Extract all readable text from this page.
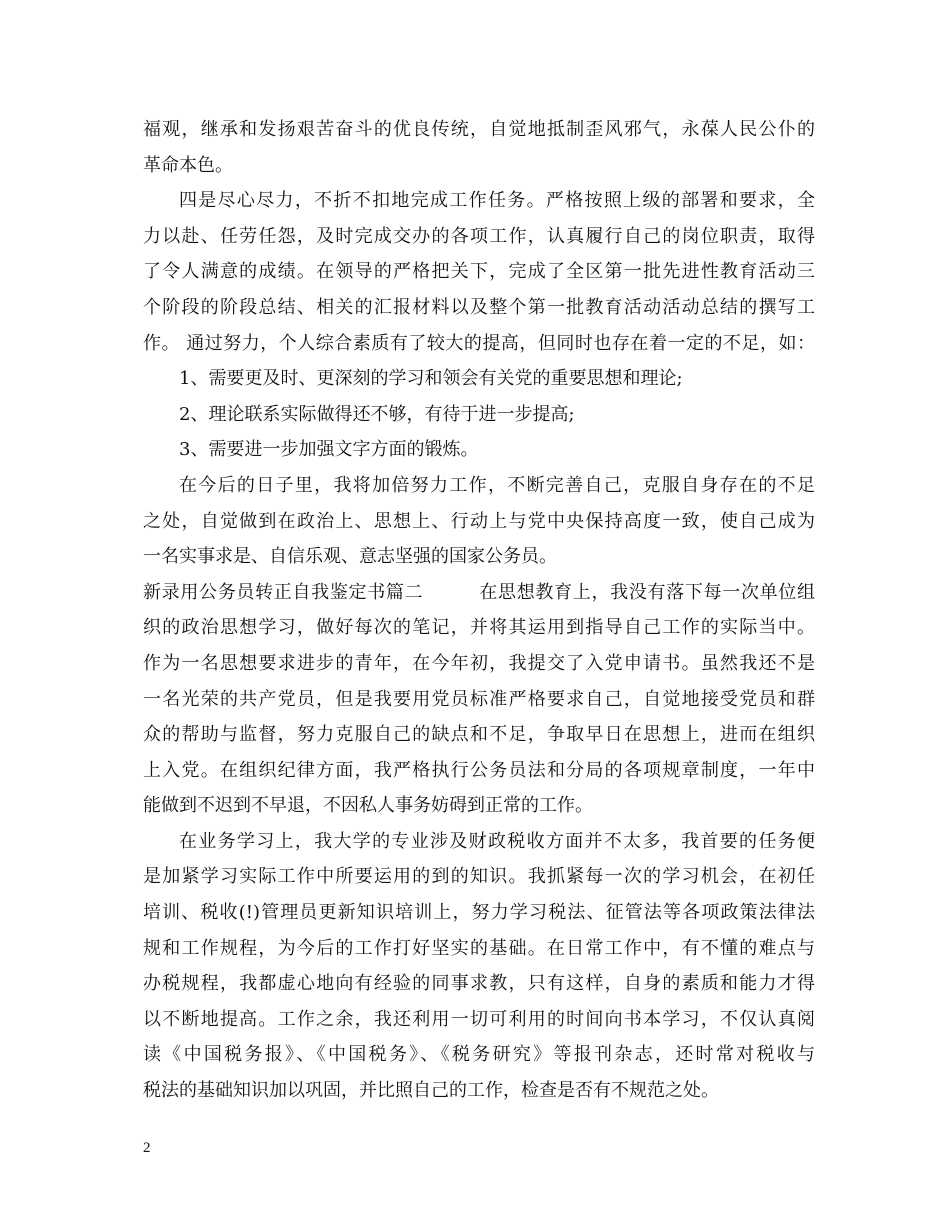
福观，继承和发扬艰苦奋斗的优良传统，自觉地抵制歪风邪气，永葆人民公仆的
革命本色。
四是尽心尽力，不折不扣地完成工作任务。严格按照上级的部署和要求，全
力以赴、任劳任怨，及时完成交办的各项工作，认真履行自己的岗位职责，取得
了令人满意的成绩。在领导的严格把关下，完成了全区第一批先进性教育活动三
个阶段的阶段总结、相关的汇报材料以及整个第一批教育活动活动总结的撰写工
作。 通过努力，个人综合素质有了较大的提高，但同时也存在着一定的不足，如：
1、需要更及时、更深刻的学习和领会有关党的重要思想和理论;
2、理论联系实际做得还不够，有待于进一步提高;
3、需要进一步加强文字方面的锻炼。
在今后的日子里，我将加倍努力工作，不断完善自己，克服自身存在的不足
之处，自觉做到在政治上、思想上、行动上与党中央保持高度一致，使自己成为
一名实事求是、自信乐观、意志坚强的国家公务员。
新录用公务员转正自我鉴定书篇二　　　在思想教育上，我没有落下每一次单位组
织的政治思想学习，做好每次的笔记，并将其运用到指导自己工作的实际当中。
作为一名思想要求进步的青年，在今年初，我提交了入党申请书。虽然我还不是
一名光荣的共产党员，但是我要用党员标准严格要求自己，自觉地接受党员和群
众的帮助与监督，努力克服自己的缺点和不足，争取早日在思想上，进而在组织
上入党。在组织纪律方面，我严格执行公务员法和分局的各项规章制度，一年中
能做到不迟到不早退，不因私人事务妨碍到正常的工作。
在业务学习上，我大学的专业涉及财政税收方面并不太多，我首要的任务便
是加紧学习实际工作中所要运用的到的知识。我抓紧每一次的学习机会，在初任
培训、税收(!)管理员更新知识培训上，努力学习税法、征管法等各项政策法律法
规和工作规程，为今后的工作打好坚实的基础。在日常工作中，有不懂的难点与
办税规程，我都虚心地向有经验的同事求教，只有这样，自身的素质和能力才得
以不断地提高。工作之余，我还利用一切可利用的时间向书本学习，不仅认真阅
读《中国税务报》、《中国税务》、《税务研究》等报刊杂志，还时常对税收与
税法的基础知识加以巩固，并比照自己的工作，检查是否有不规范之处。
2
